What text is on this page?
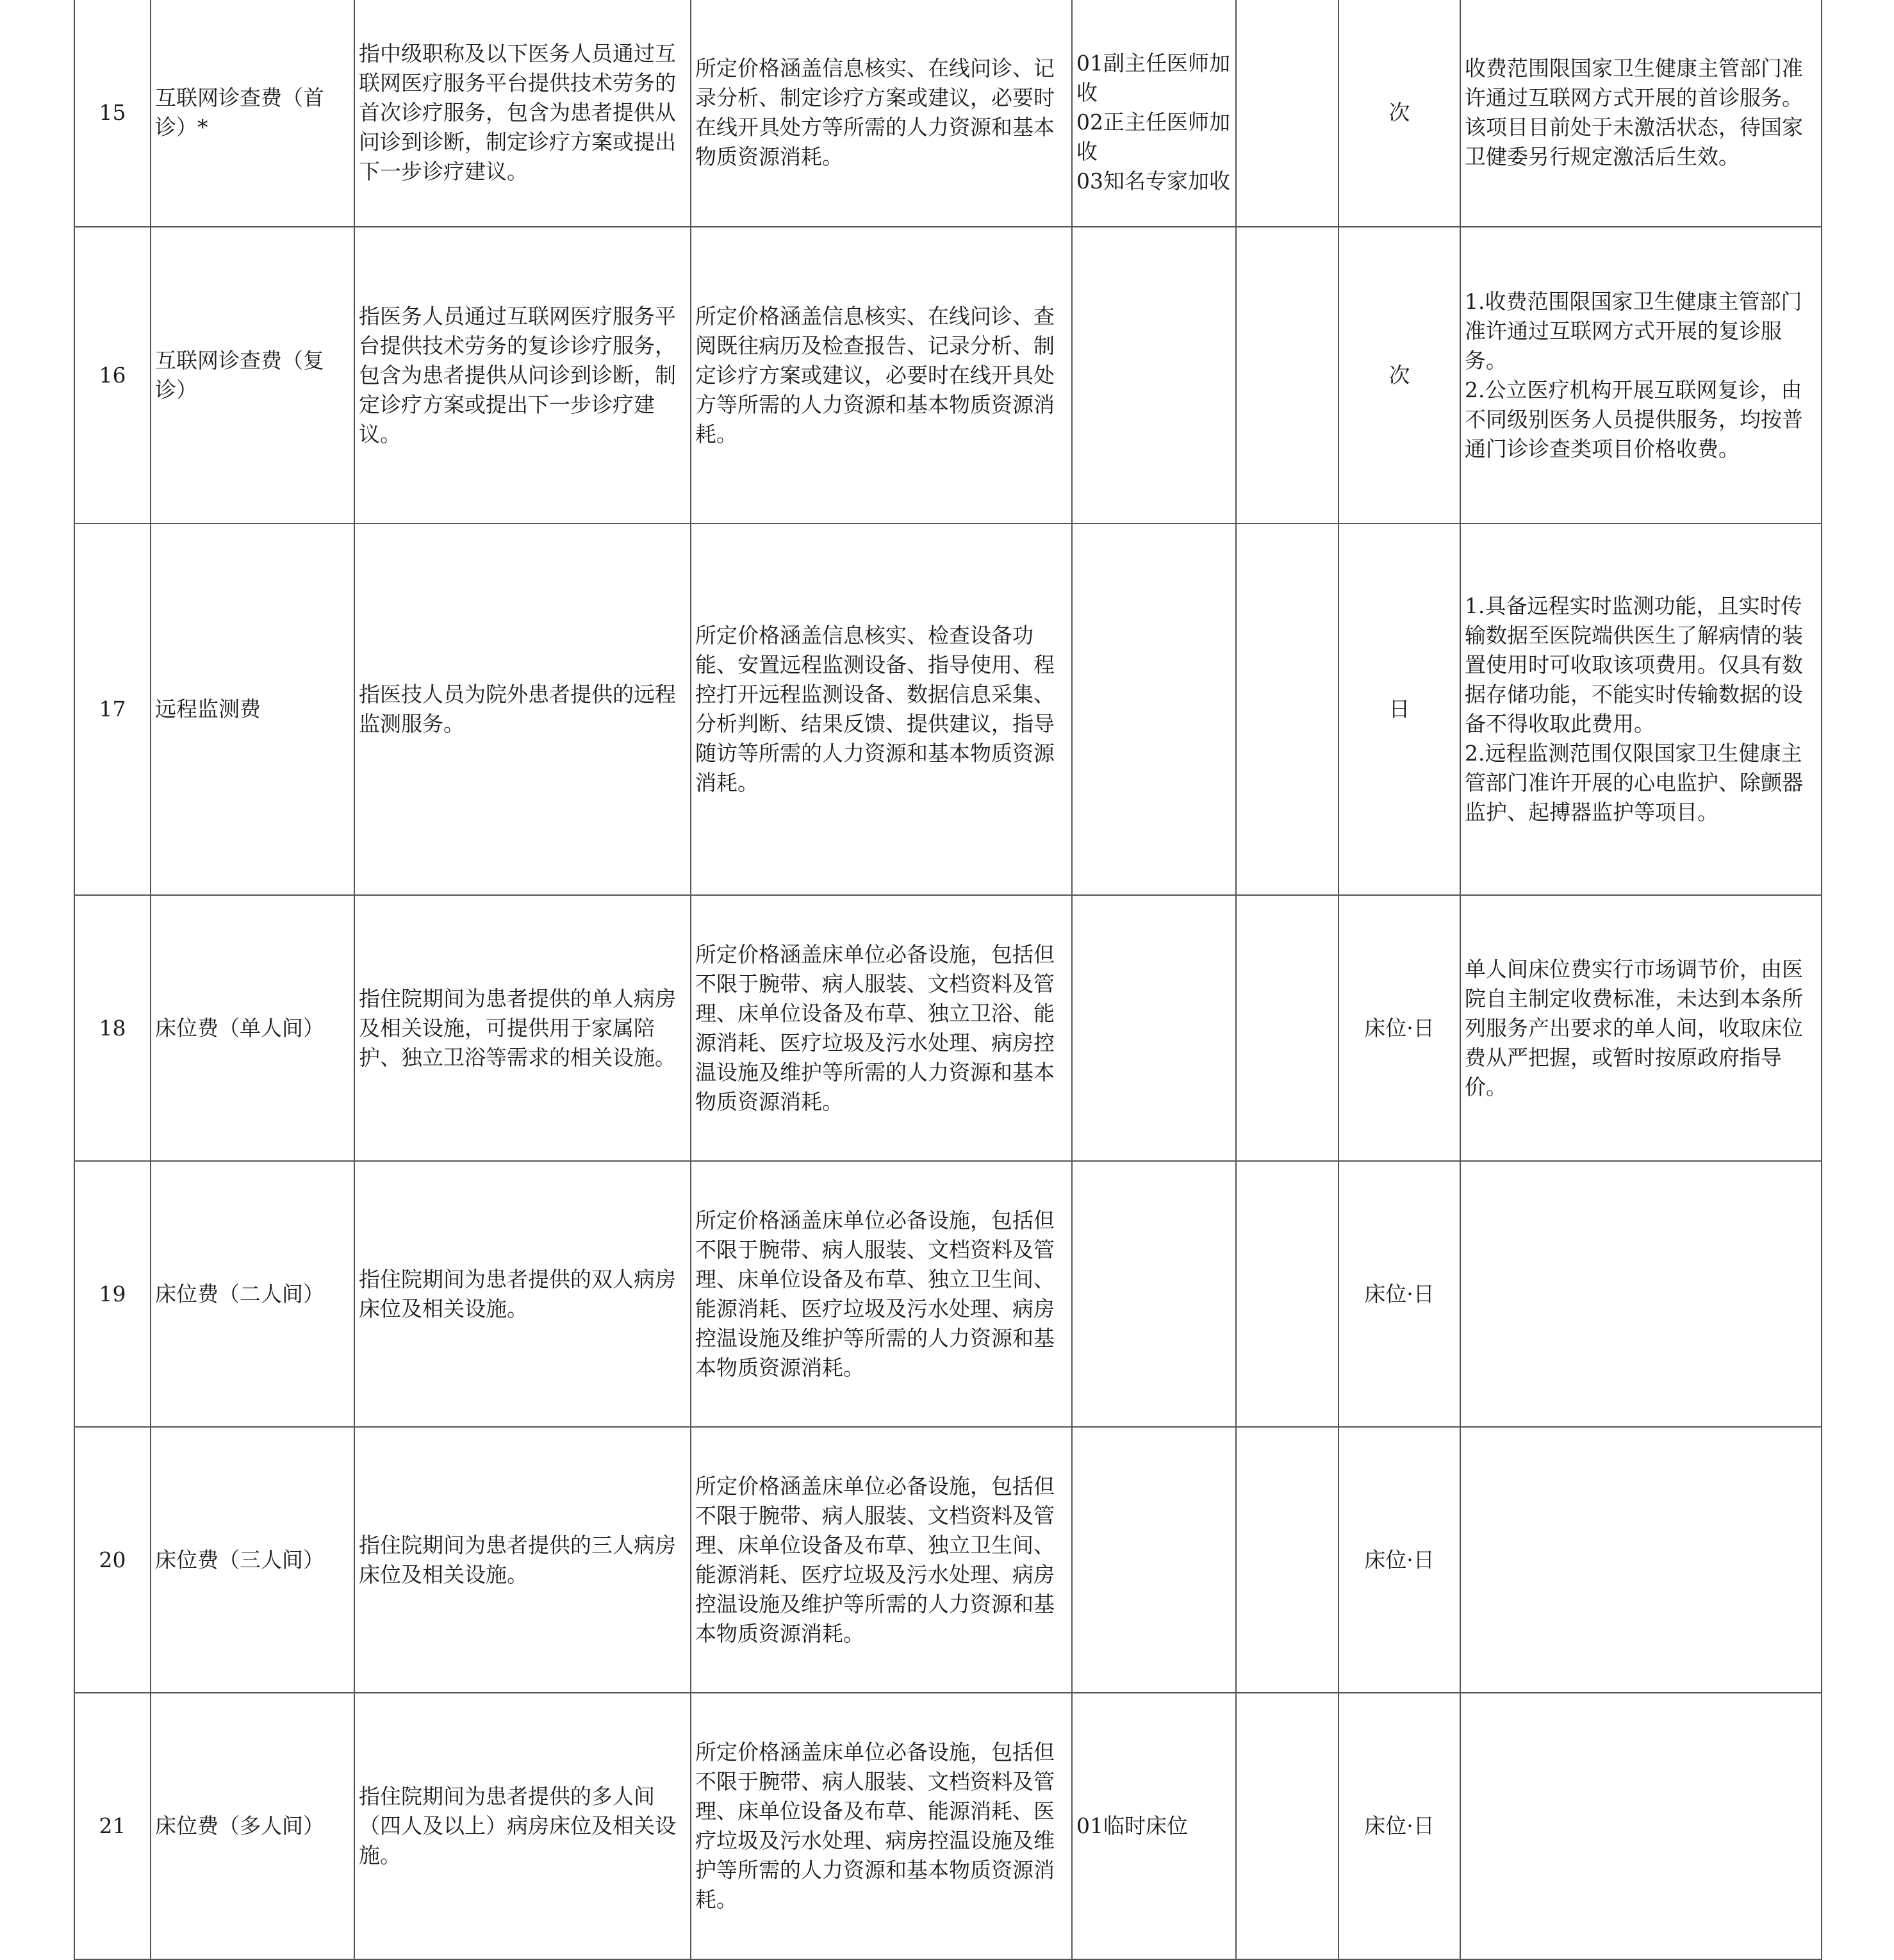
15	互联网诊查费（首诊）*	指中级职称及以下医务人员通过互联网医疗服务平台提供技术劳务的首次诊疗服务，包含为患者提供从问诊到诊断，制定诊疗方案或提出下一步诊疗建议。	所定价格涵盖信息核实、在线问诊、记录分析、制定诊疗方案或建议，必要时在线开具处方等所需的人力资源和基本物质资源消耗。	01副主任医师加收
02正主任医师加收
03知名专家加收		次	收费范围限国家卫生健康主管部门准许通过互联网方式开展的首诊服务。该项目目前处于未激活状态，待国家卫健委另行规定激活后生效。
16	互联网诊查费（复诊）	指医务人员通过互联网医疗服务平台提供技术劳务的复诊诊疗服务，包含为患者提供从问诊到诊断，制定诊疗方案或提出下一步诊疗建议。	所定价格涵盖信息核实、在线问诊、查阅既往病历及检查报告、记录分析、制定诊疗方案或建议，必要时在线开具处方等所需的人力资源和基本物质资源消耗。			次	1.收费范围限国家卫生健康主管部门准许通过互联网方式开展的复诊服务。
2.公立医疗机构开展互联网复诊，由不同级别医务人员提供服务，均按普通门诊诊查类项目价格收费。
17	远程监测费	指医技人员为院外患者提供的远程监测服务。	所定价格涵盖信息核实、检查设备功能、安置远程监测设备、指导使用、程控打开远程监测设备、数据信息采集、分析判断、结果反馈、提供建议，指导随访等所需的人力资源和基本物质资源消耗。			日	1.具备远程实时监测功能，且实时传输数据至医院端供医生了解病情的装置使用时可收取该项费用。仅具有数据存储功能，不能实时传输数据的设备不得收取此费用。
2.远程监测范围仅限国家卫生健康主管部门准许开展的心电监护、除颤器监护、起搏器监护等项目。
18	床位费（单人间）	指住院期间为患者提供的单人病房及相关设施，可提供用于家属陪护、独立卫浴等需求的相关设施。	所定价格涵盖床单位必备设施，包括但不限于腕带、病人服装、文档资料及管理、床单位设备及布草、独立卫浴、能源消耗、医疗垃圾及污水处理、病房控温设施及维护等所需的人力资源和基本物质资源消耗。			床位·日	单人间床位费实行市场调节价，由医院自主制定收费标准，未达到本条所列服务产出要求的单人间，收取床位费从严把握，或暂时按原政府指导价。
19	床位费（二人间）	指住院期间为患者提供的双人病房床位及相关设施。	所定价格涵盖床单位必备设施，包括但不限于腕带、病人服装、文档资料及管理、床单位设备及布草、独立卫生间、能源消耗、医疗垃圾及污水处理、病房控温设施及维护等所需的人力资源和基本物质资源消耗。			床位·日	
20	床位费（三人间）	指住院期间为患者提供的三人病房床位及相关设施。	所定价格涵盖床单位必备设施，包括但不限于腕带、病人服装、文档资料及管理、床单位设备及布草、独立卫生间、能源消耗、医疗垃圾及污水处理、病房控温设施及维护等所需的人力资源和基本物质资源消耗。			床位·日	
21	床位费（多人间）	指住院期间为患者提供的多人间（四人及以上）病房床位及相关设施。	所定价格涵盖床单位必备设施，包括但不限于腕带、病人服装、文档资料及管理、床单位设备及布草、能源消耗、医疗垃圾及污水处理、病房控温设施及维护等所需的人力资源和基本物质资源消耗。	01临时床位		床位·日	
